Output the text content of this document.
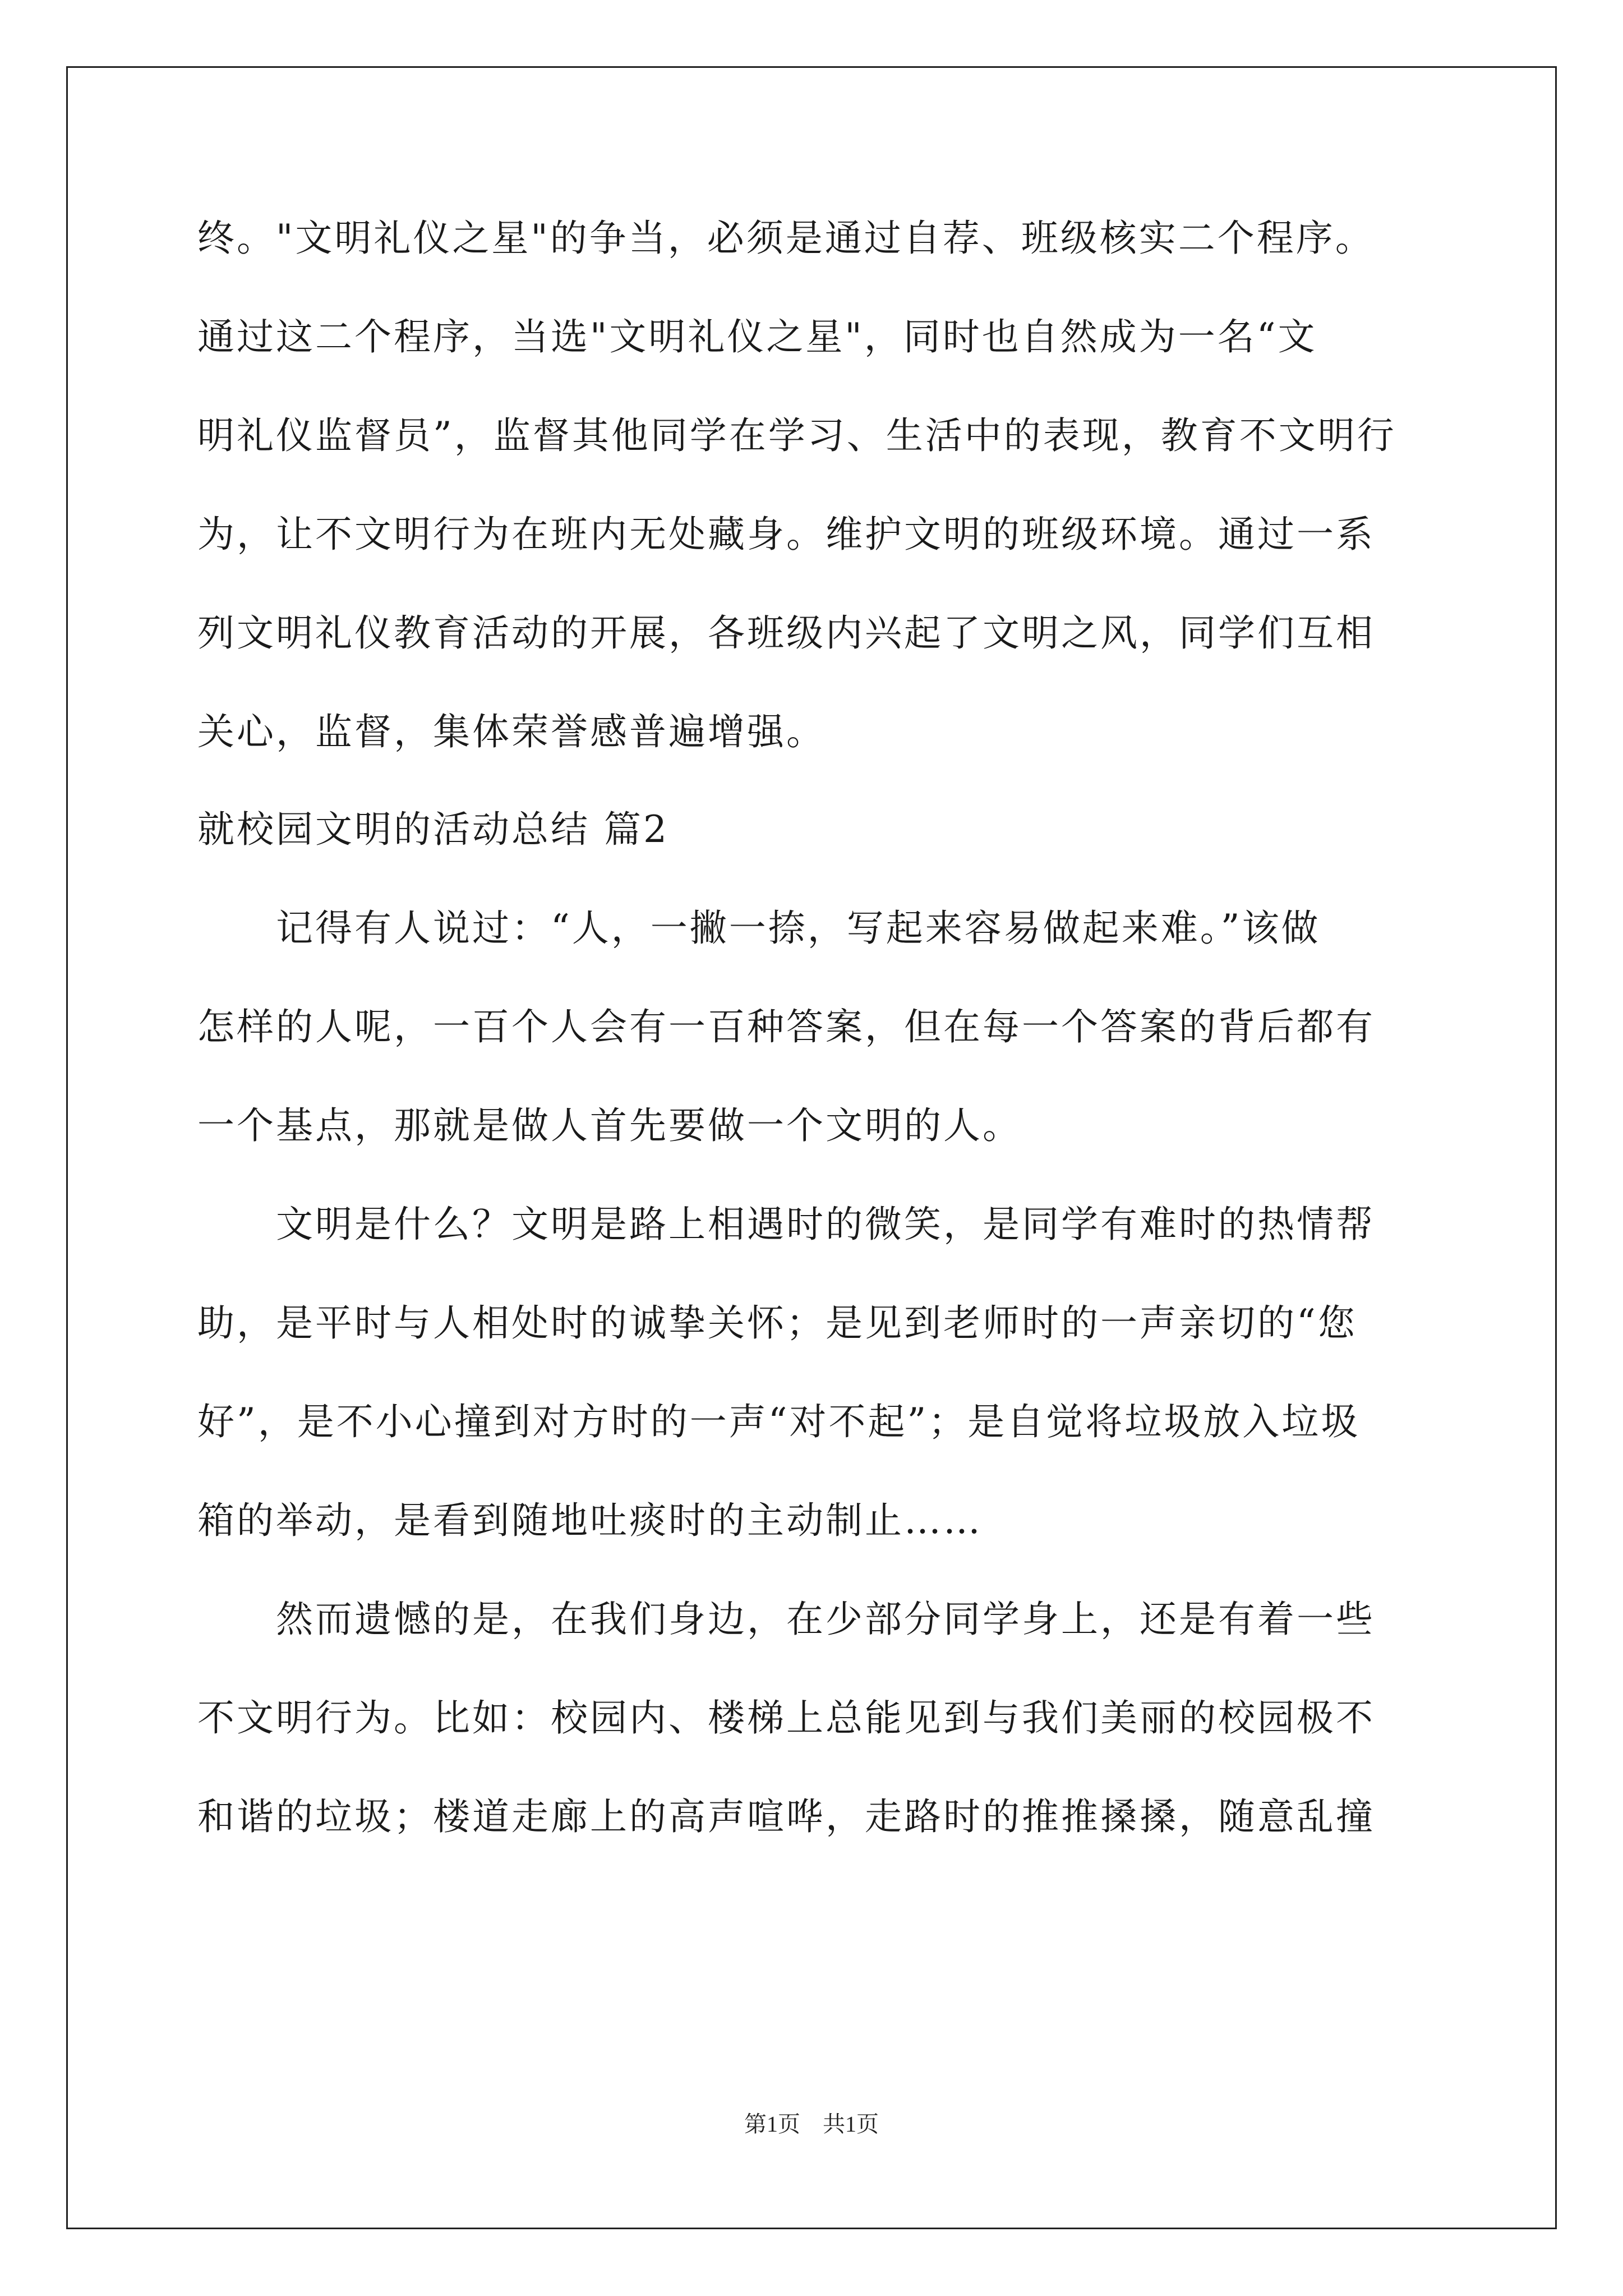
终。"文明礼仪之星"的争当，必须是通过自荐、班级核实二个程序。
通过这二个程序，当选"文明礼仪之星"，同时也自然成为一名“文
明礼仪监督员”，监督其他同学在学习、生活中的表现，教育不文明行
为，让不文明行为在班内无处藏身。维护文明的班级环境。通过一系
列文明礼仪教育活动的开展，各班级内兴起了文明之风，同学们互相
关心，监督，集体荣誉感普遍增强。
就校园文明的活动总结 篇2
　　记得有人说过：“人，一撇一捺，写起来容易做起来难。”该做
怎样的人呢，一百个人会有一百种答案，但在每一个答案的背后都有
一个基点，那就是做人首先要做一个文明的人。
　　文明是什么？文明是路上相遇时的微笑，是同学有难时的热情帮
助，是平时与人相处时的诚挚关怀；是见到老师时的一声亲切的“您
好”，是不小心撞到对方时的一声“对不起”；是自觉将垃圾放入垃圾
箱的举动，是看到随地吐痰时的主动制止……
　　然而遗憾的是，在我们身边，在少部分同学身上，还是有着一些
不文明行为。比如：校园内、楼梯上总能见到与我们美丽的校园极不
和谐的垃圾；楼道走廊上的高声喧哗，走路时的推推搡搡，随意乱撞
第1页　共1页
